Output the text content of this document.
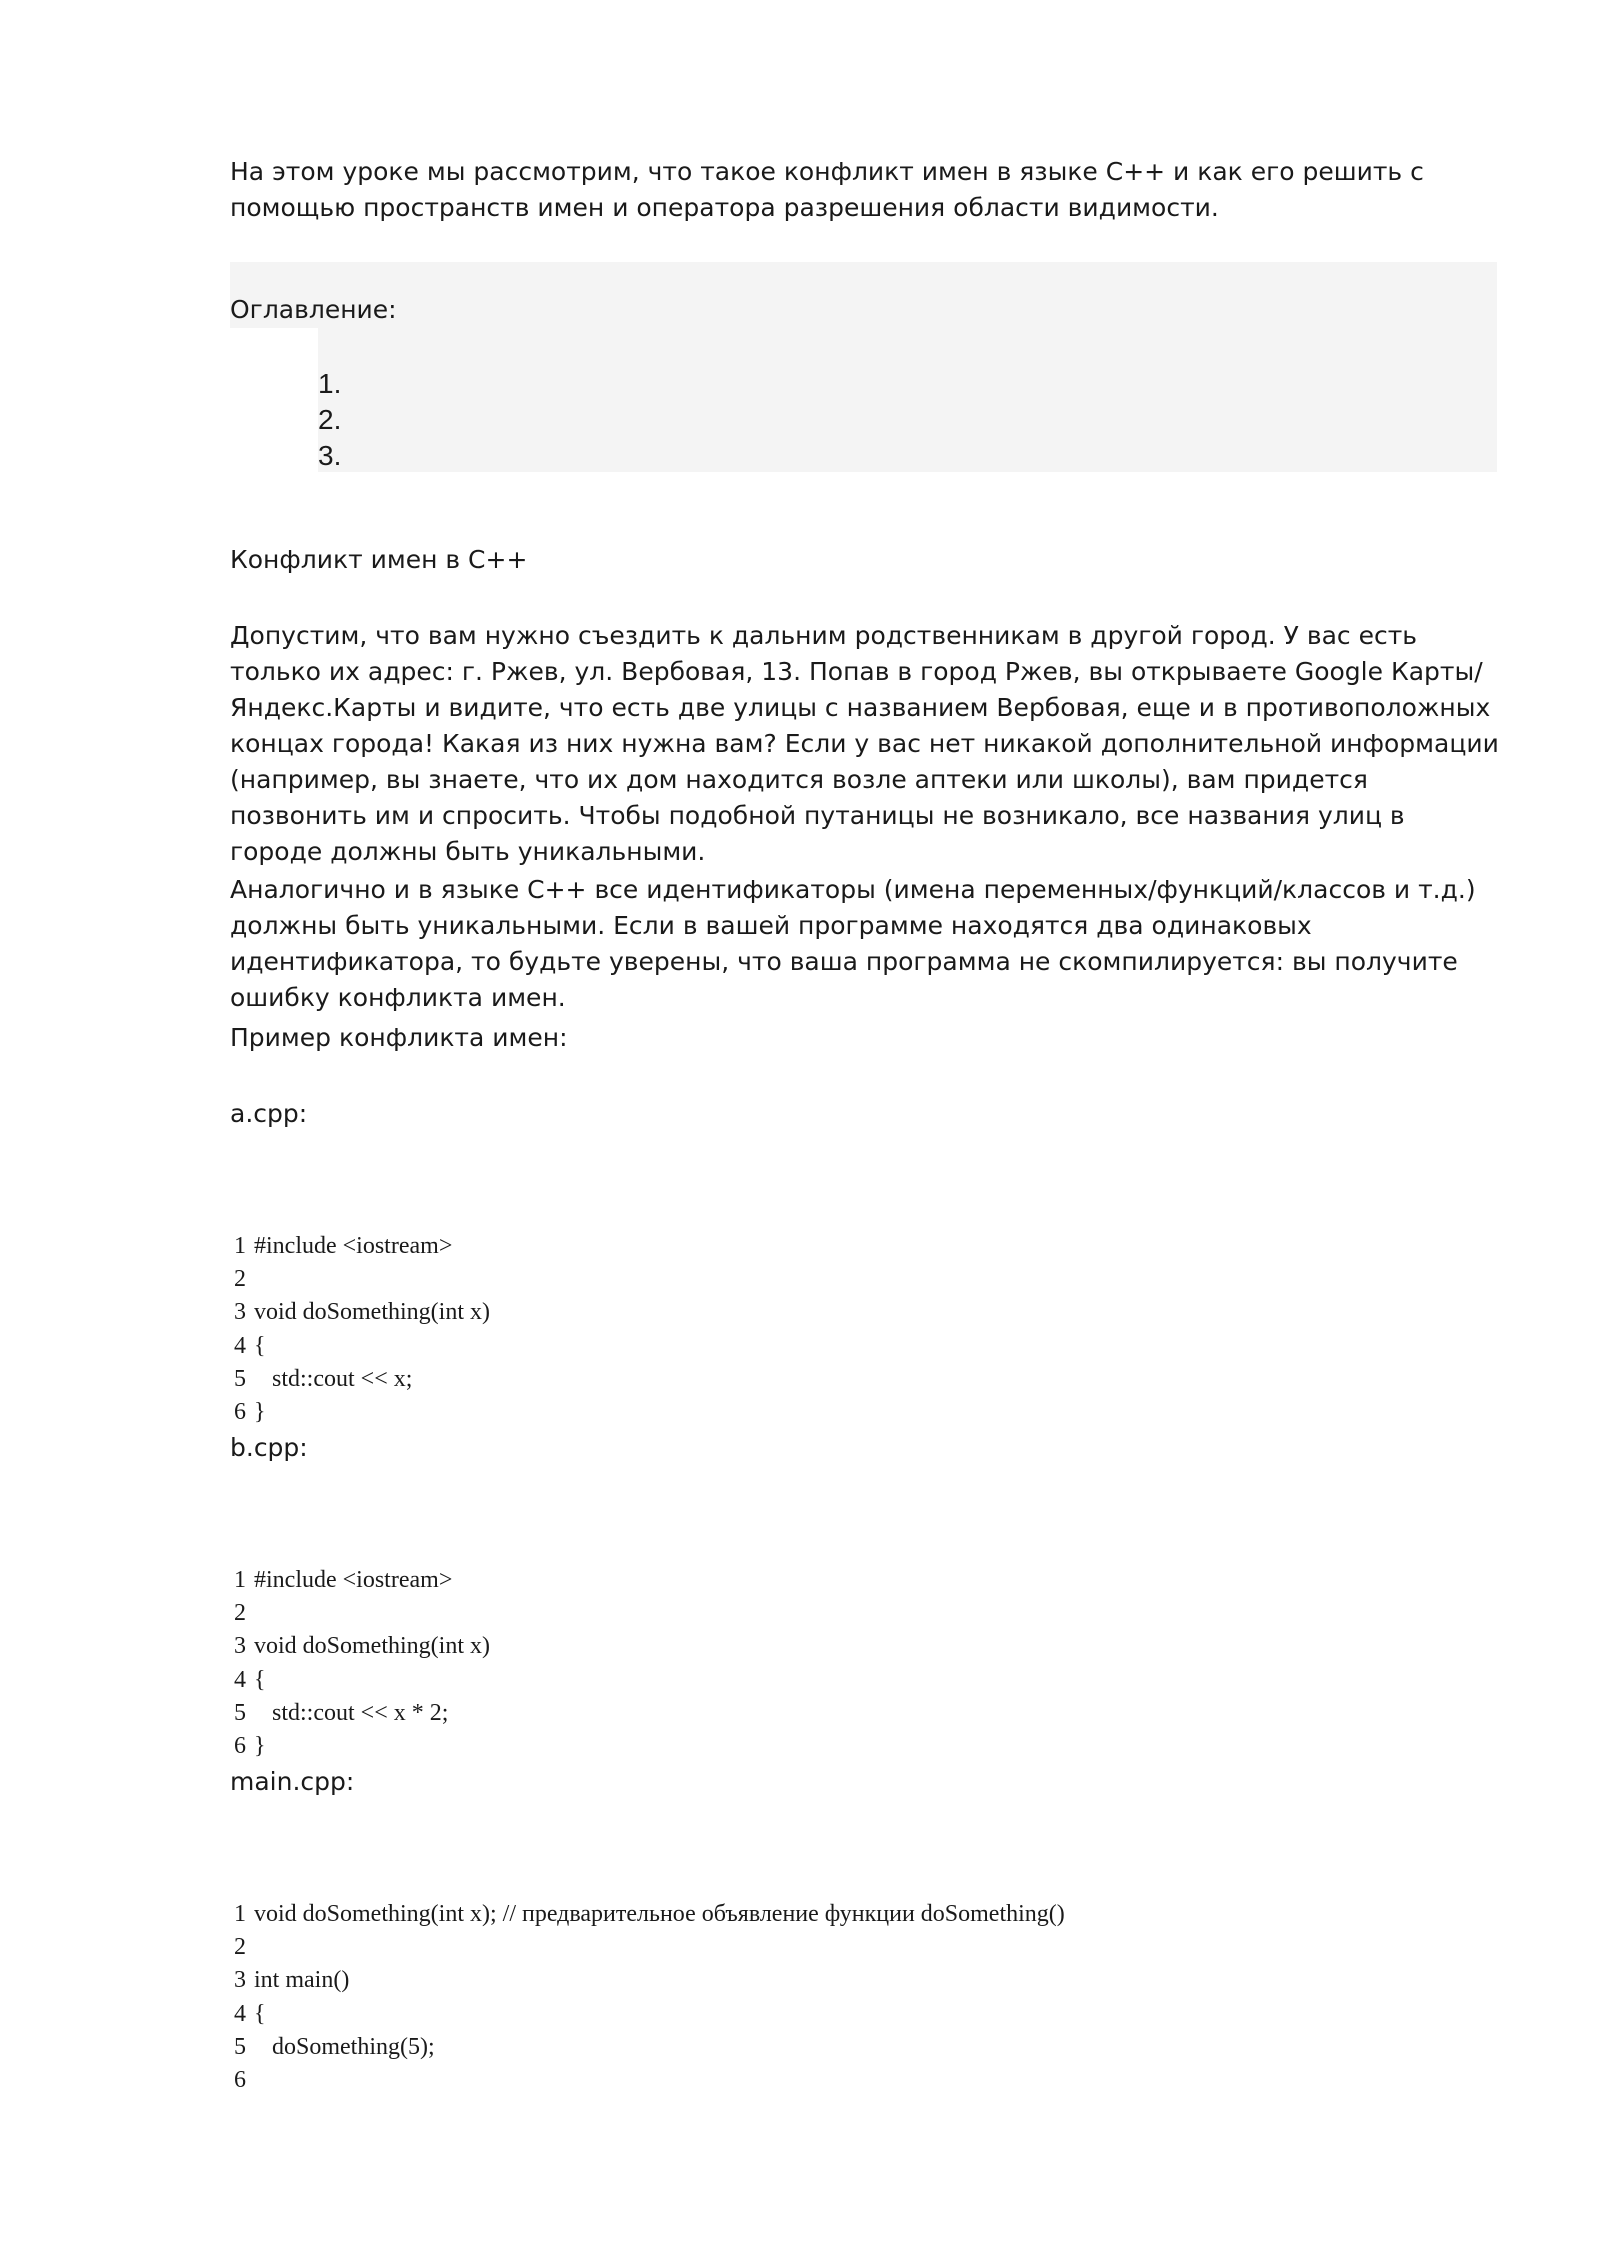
На этом уроке мы рассмотрим, что такое конфликт имен в языке C++ и как его решить с помощью пространств имен и оператора разрешения области видимости.

Оглавление:

1.
2.
3.

Конфликт имен в C++

Допустим, что вам нужно съездить к дальним родственникам в другой город. У вас есть только их адрес: г. Ржев, ул. Вербовая, 13. Попав в город Ржев, вы открываете Google Карты/Яндекс.Карты и видите, что есть две улицы с названием Вербовая, еще и в противоположных концах города! Какая из них нужна вам? Если у вас нет никакой дополнительной информации (например, вы знаете, что их дом находится возле аптеки или школы), вам придется позвонить им и спросить. Чтобы подобной путаницы не возникало, все названия улиц в городе должны быть уникальными.

Аналогично и в языке C++ все идентификаторы (имена переменных/функций/классов и т.д.) должны быть уникальными. Если в вашей программе находятся два одинаковых идентификатора, то будьте уверены, что ваша программа не скомпилируется: вы получите ошибку конфликта имен.

Пример конфликта имен:

a.cpp:

1 #include <iostream>
2
3 void doSomething(int x)
4 {
5   std::cout << x;
6 }

b.cpp:

1 #include <iostream>
2
3 void doSomething(int x)
4 {
5   std::cout << x * 2;
6 }

main.cpp:

1 void doSomething(int x); // предварительное объявление функции doSomething()
2
3 int main()
4 {
5   doSomething(5);
6
